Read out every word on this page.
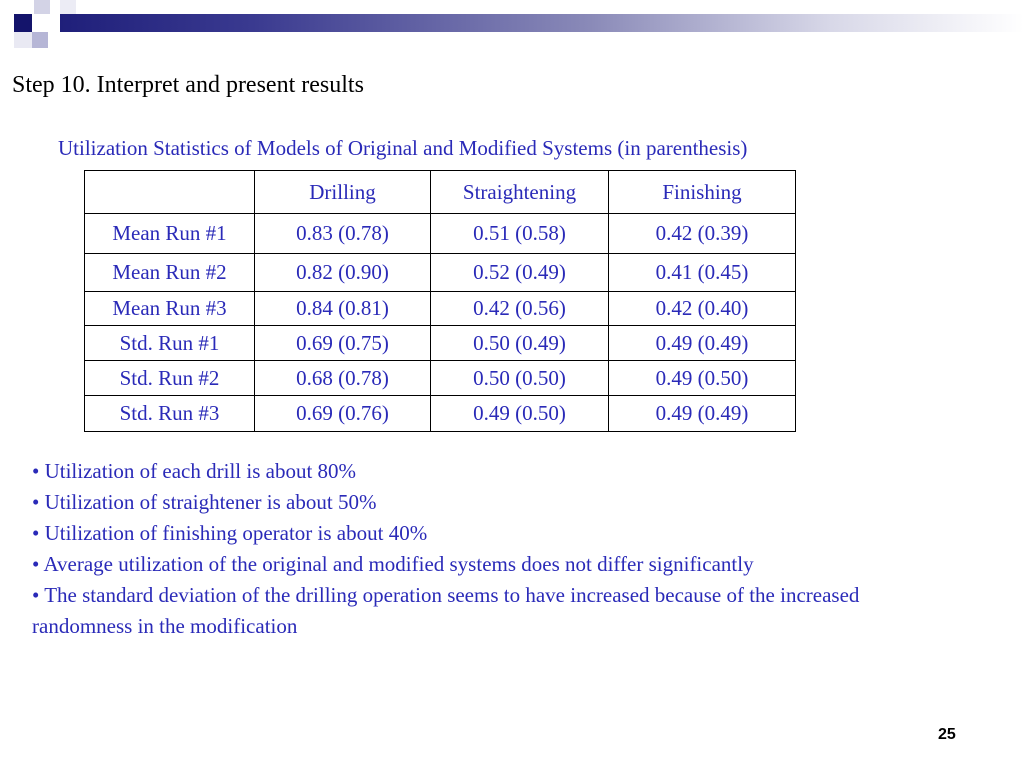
Step 10. Interpret and present results
Utilization Statistics of Models of Original and Modified Systems (in parenthesis)
	Drilling	Straightening	Finishing
Mean Run #1	0.83 (0.78)	0.51 (0.58)	0.42 (0.39)
Mean Run #2	0.82 (0.90)	0.52 (0.49)	0.41 (0.45)
Mean Run #3	0.84 (0.81)	0.42 (0.56)	0.42 (0.40)
Std. Run #1	0.69 (0.75)	0.50 (0.49)	0.49 (0.49)
Std. Run #2	0.68 (0.78)	0.50 (0.50)	0.49 (0.50)
Std. Run #3	0.69 (0.76)	0.49 (0.50)	0.49 (0.49)
• Utilization of each drill is about 80%
• Utilization of straightener is about 50%
• Utilization of finishing operator is about 40%
• Average utilization of the original and modified systems does not differ significantly
• The standard deviation of the drilling operation seems to have increased because of the increased randomness in the modification
25
